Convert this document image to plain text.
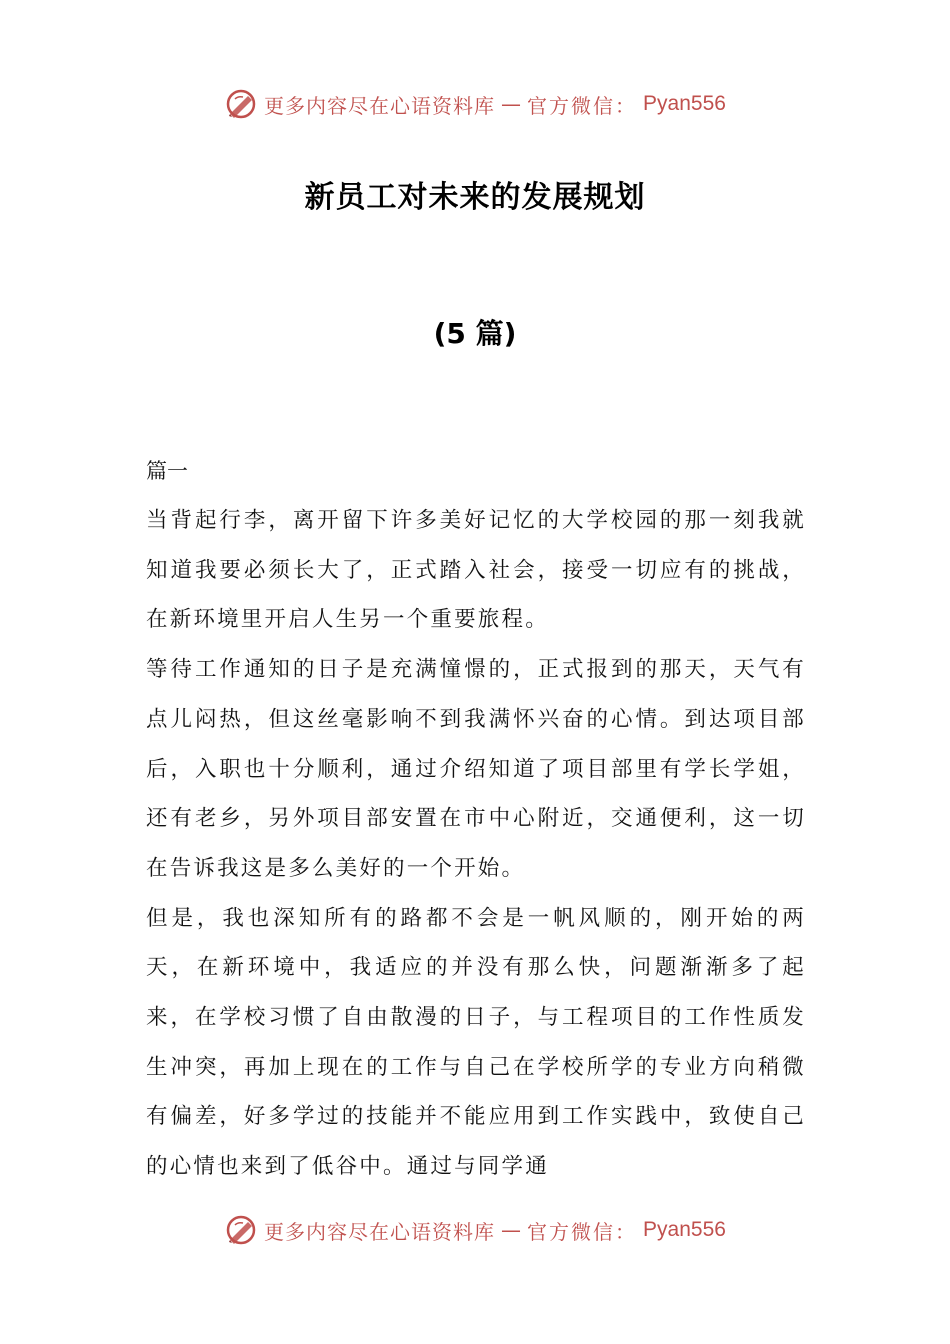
更多内容尽在心语资料库 — 官方微信： Pyan556
新员工对未来的发展规划
(5 篇)
篇一

当背起行李，离开留下许多美好记忆的大学校园的那一刻我就知道我要必须长大了，正式踏入社会，接受一切应有的挑战，在新环境里开启人生另一个重要旅程。

等待工作通知的日子是充满憧憬的，正式报到的那天，天气有点儿闷热，但这丝毫影响不到我满怀兴奋的心情。到达项目部后，入职也十分顺利，通过介绍知道了项目部里有学长学姐，还有老乡，另外项目部安置在市中心附近，交通便利，这一切在告诉我这是多么美好的一个开始。

但是，我也深知所有的路都不会是一帆风顺的，刚开始的两天，在新环境中，我适应的并没有那么快，问题渐渐多了起来，在学校习惯了自由散漫的日子，与工程项目的工作性质发生冲突，再加上现在的工作与自己在学校所学的专业方向稍微有偏差，好多学过的技能并不能应用到工作实践中，致使自己的心情也来到了低谷中。通过与同学通

更多内容尽在心语资料库 — 官方微信： Pyan556
